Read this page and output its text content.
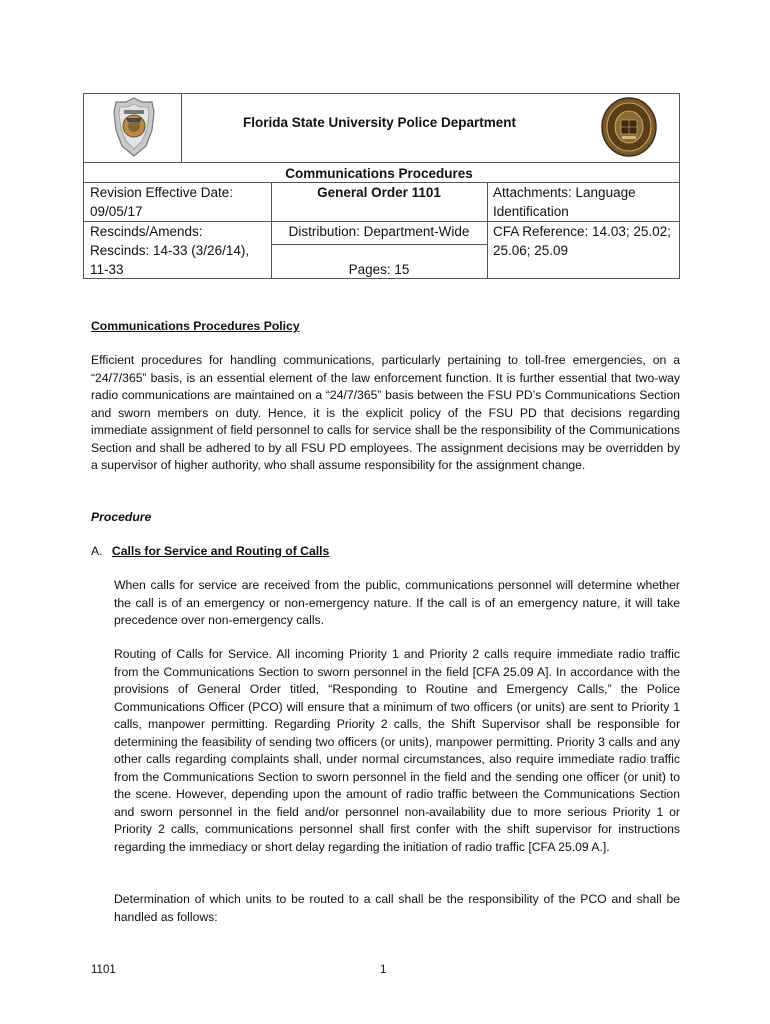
Florida State University Police Department
Communications Procedures
General Order 1101
Revision Effective Date:
09/05/17
Rescinds/Amends:
Rescinds: 14-33 (3/26/14),
11-33
Distribution: Department-Wide
Pages: 15
Attachments: Language
Identification
CFA Reference: 14.03; 25.02;
25.06; 25.09
Communications Procedures Policy

Efficient procedures for handling communications, particularly pertaining to toll-free emergencies, on a “24/7/365” basis, is an essential element of the law enforcement function. It is further essential that two-way radio communications are maintained on a “24/7/365” basis between the FSU PD’s Communications Section and sworn members on duty. Hence, it is the explicit policy of the FSU PD that decisions regarding immediate assignment of field personnel to calls for service shall be the responsibility of the Communications Section and shall be adhered to by all FSU PD employees. The assignment decisions may be overridden by a supervisor of higher authority, who shall assume responsibility for the assignment change.

Procedure
A. Calls for Service and Routing of Calls

When calls for service are received from the public, communications personnel will determine whether the call is of an emergency or non-emergency nature. If the call is of an emergency nature, it will take precedence over non-emergency calls.

Routing of Calls for Service. All incoming Priority 1 and Priority 2 calls require immediate radio traffic from the Communications Section to sworn personnel in the field [CFA 25.09 A]. In accordance with the provisions of General Order titled, “Responding to Routine and Emergency Calls,” the Police Communications Officer (PCO) will ensure that a minimum of two officers (or units) are sent to Priority 1 calls, manpower permitting. Regarding Priority 2 calls, the Shift Supervisor shall be responsible for determining the feasibility of sending two officers (or units), manpower permitting. Priority 3 calls and any other calls regarding complaints shall, under normal circumstances, also require immediate radio traffic from the Communications Section to sworn personnel in the field and the sending one officer (or unit) to the scene. However, depending upon the amount of radio traffic between the Communications Section and sworn personnel in the field and/or personnel non-availability due to more serious Priority 1 or Priority 2 calls, communications personnel shall first confer with the shift supervisor for instructions regarding the immediacy or short delay regarding the initiation of radio traffic [CFA 25.09 A.].

Determination of which units to be routed to a call shall be the responsibility of the PCO and shall be handled as follows:

1101	1
